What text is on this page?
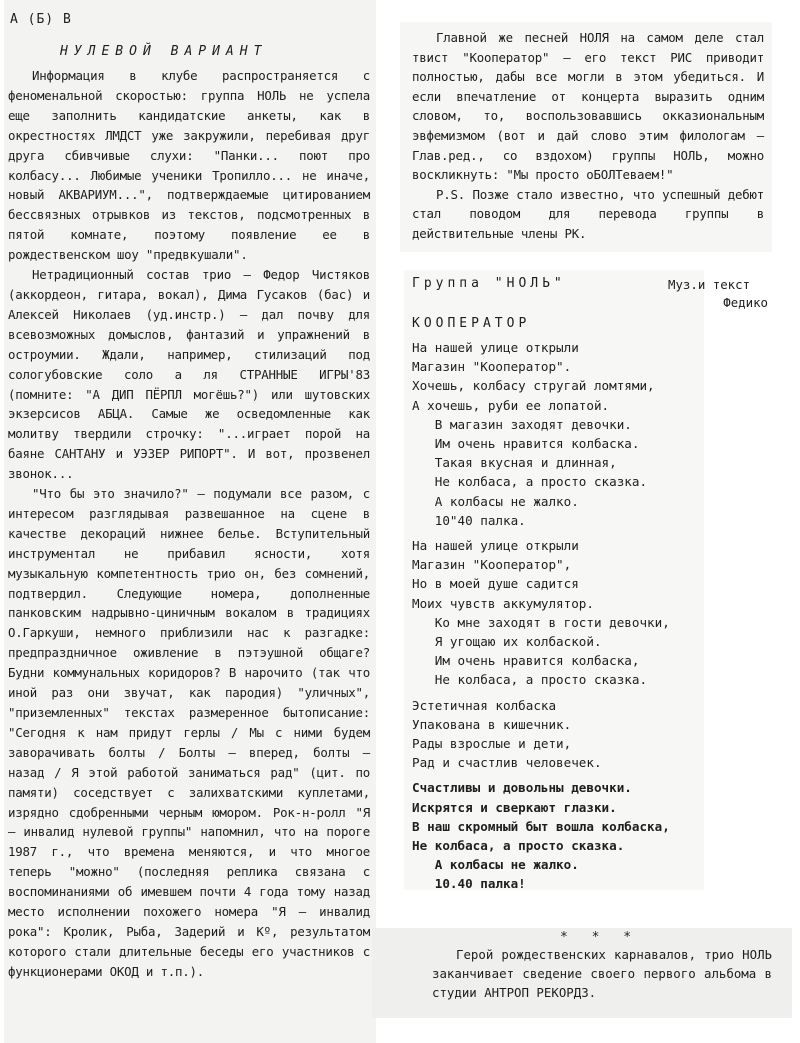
А (Б) В
НУЛЕВОЙ ВАРИАНТ

Информация в клубе распространяется с феноменальной скоростью: группа НОЛЬ не успела еще заполнить кандидатские анкеты, как в окрестностях ЛМДСТ уже закружили, перебивая друг друга сбивчивые слухи: "Панки... поют про колбасу... Любимые ученики Тропилло... не иначе, новый АКВАРИУМ...", подтверждаемые цитированием бессвязных отрывков из текстов, подсмотренных в пятой комнате, поэтому появление ее в рождественском шоу "предвкушали".

Нетрадиционный состав трио – Федор Чистяков (аккордеон, гитара, вокал), Дима Гусаков (бас) и Алексей Николаев (уд.инстр.) – дал почву для всевозможных домыслов, фантазий и упражнений в остроумии. Ждали, например, стилизаций под сологубовские соло а ля СТРАННЫЕ ИГРЫ'83 (помните: "А ДИП ПЁРПЛ могёшь?") или шутовских экзерсисов АБЦА. Самые же осведомленные как молитву твердили строчку: "...играет порой на баяне САНТАНУ и УЭЗЕР РИПОРТ". И вот, прозвенел звонок...

"Что бы это значило?" – подумали все разом, с интересом разглядывая развешанное на сцене в качестве декораций нижнее белье. Вступительный инструментал не прибавил ясности, хотя музыкальную компетентность трио он, без сомнений, подтвердил. Следующие номера, дополненные панковским надрывно-циничным вокалом в традициях О.Гаркуши, немного приблизили нас к разгадке: предпраздничное оживление в пэтэушной общаге? Будни коммунальных коридоров? В нарочито (так что иной раз они звучат, как пародия) "уличных", "приземленных" текстах размеренное бытописание: "Сегодня к нам придут герлы / Мы с ними будем заворачивать болты / Болты – вперед, болты – назад / Я этой работой заниматься рад" (цит. по памяти) соседствует с залихватскими куплетами, изрядно сдобренными черным юмором. Рок-н-ролл "Я – инвалид нулевой группы" напомнил, что на пороге 1987 г., что времена меняются, и что многое теперь "можно" (последняя реплика связана с воспоминаниями об имевшем почти 4 года тому назад место исполнении похожего номера "Я – инвалид рока": Кролик, Рыба, Задерий и Кº, результатом которого стали длительные беседы его участников с функционерами ОКОД и т.п.).

Главной же песней НОЛЯ на самом деле стал твист "Кооператор" – его текст РИС приводит полностью, дабы все могли в этом убедиться. И если впечатление от концерта выразить одним словом, то, воспользовавшись окказиональным эвфемизмом (вот и дай слово этим филологам – Глав.ред., со вздохом) группы НОЛЬ, можно воскликнуть: "Мы просто оБОЛТеваем!"

P.S. Позже стало известно, что успешный дебют стал поводом для перевода группы в действительные члены РК.

Группа "НОЛЬ"	Муз.и текст
Федико
КООПЕРАТОР
На нашей улице открыли
Магазин "Кооператор".
Хочешь, колбасу стругай ломтями,
А хочешь, руби ее лопатой.
В магазин заходят девочки.
Им очень нравится колбаска.
Такая вкусная и длинная,
Не колбаса, а просто сказка.
А колбасы не жалко.
10"40 палка.
На нашей улице открыли
Магазин "Кооператор",
Но в моей душе садится
Моих чувств аккумулятор.
Ко мне заходят в гости девочки,
Я угощаю их колбаской.
Им очень нравится колбаска,
Не колбаса, а просто сказка.
Эстетичная колбаска
Упакована в кишечник.
Рады взрослые и дети,
Рад и счастлив человечек.
Счастливы и довольны девочки.
Искрятся и сверкают глазки.
В наш скромный быт вошла колбаска,
Не колбаса, а просто сказка.
А колбасы не жалко.
10.40 палка!
* * *
Герой рождественских карнавалов, трио НОЛЬ заканчивает сведение своего первого альбома в студии АНТРОП РЕКОРДЗ.
